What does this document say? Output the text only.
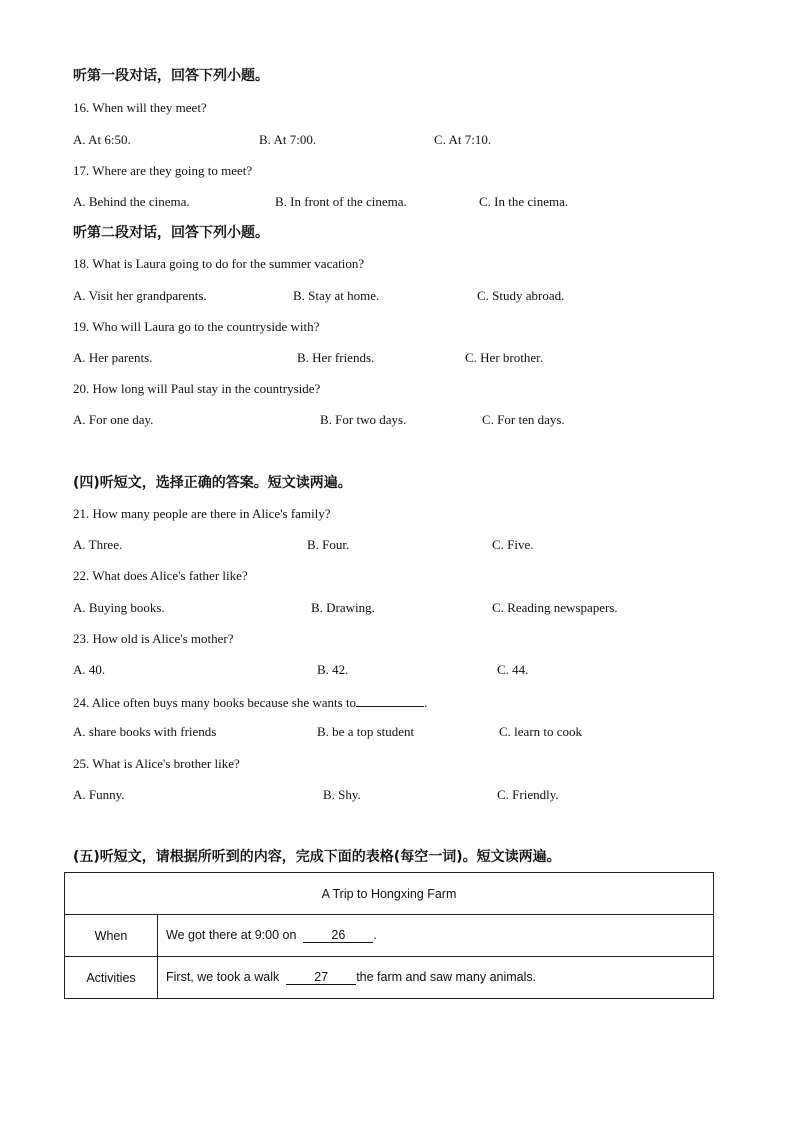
听第一段对话，回答下列小题。
16. When will they meet?
A. At 6:50.	B. At 7:00.	C. At 7:10.
17. Where are they going to meet?
A. Behind the cinema.	B. In front of the cinema.	C. In the cinema.
听第二段对话，回答下列小题。
18. What is Laura going to do for the summer vacation?
A. Visit her grandparents.	B. Stay at home.	C. Study abroad.
19. Who will Laura go to the countryside with?
A. Her parents.	B. Her friends.	C. Her brother.
20. How long will Paul stay in the countryside?
A. For one day.	B. For two days.	C. For ten days.
(四)听短文，选择正确的答案。短文读两遍。
21. How many people are there in Alice's family?
A. Three.	B. Four.	C. Five.
22. What does Alice's father like?
A. Buying books.	B. Drawing.	C. Reading newspapers.
23. How old is Alice's mother?
A. 40.	B. 42.	C. 44.
24. Alice often buys many books because she wants to	.
A. share books with friends	B. be a top student	C. learn to cook
25. What is Alice's brother like?
A. Funny.	B. Shy.	C. Friendly.
(五)听短文，请根据所听到的内容，完成下面的表格(每空一词)。短文读两遍。
A Trip to Hongxing Farm	
When	We got there at 9:00 on 26 .
Activities	First, we took a walk 27 the farm and saw many animals.
